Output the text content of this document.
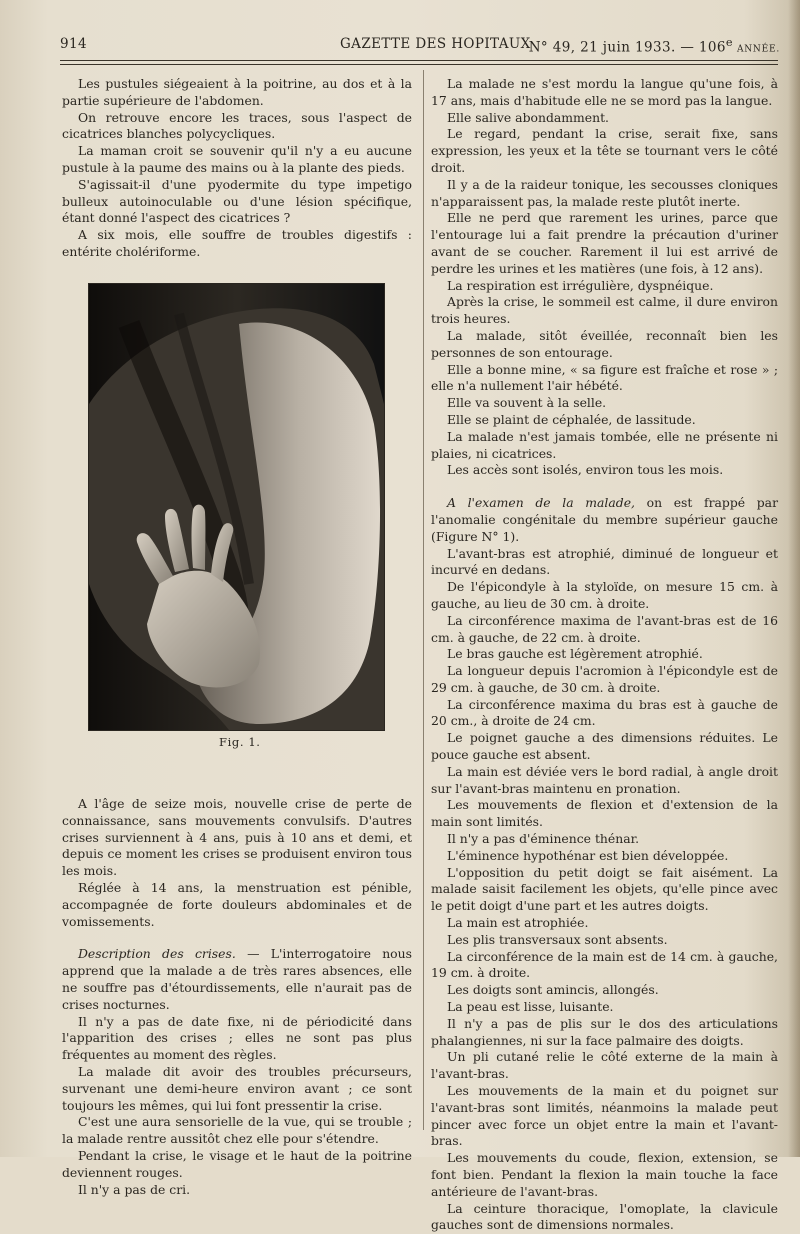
914	GAZETTE DES HOPITAUX
N° 49, 21 juin 1933. — 106e ANNÉE.

Les pustules siégeaient à la poitrine, au dos et à la partie supérieure de l'abdomen.

On retrouve encore les traces, sous l'aspect de cicatrices blanches polycycliques.

La maman croit se souvenir qu'il n'y a eu aucune pustule à la paume des mains ou à la plante des pieds.

S'agissait-il d'une pyodermite du type impetigo bulleux autoinoculable ou d'une lésion spécifique, étant donné l'aspect des cicatrices ?

A six mois, elle souffre de troubles digestifs : entérite cholériforme.

Fig. 1.

A l'âge de seize mois, nouvelle crise de perte de connaissance, sans mouvements convulsifs. D'autres crises surviennent à 4 ans, puis à 10 ans et demi, et depuis ce moment les crises se produisent environ tous les mois.

Réglée à 14 ans, la menstruation est pénible, accompagnée de forte douleurs abdominales et de vomissements.

Description des crises. — L'interrogatoire nous apprend que la malade a de très rares absences, elle ne souffre pas d'étourdissements, elle n'aurait pas de crises nocturnes.

Il n'y a pas de date fixe, ni de périodicité dans l'apparition des crises ; elles ne sont pas plus fréquentes au moment des règles.

La malade dit avoir des troubles précurseurs, survenant une demi-heure environ avant ; ce sont toujours les mêmes, qui lui font pressentir la crise.

C'est une aura sensorielle de la vue, qui se trouble ; la malade rentre aussitôt chez elle pour s'étendre.

Pendant la crise, le visage et le haut de la poitrine deviennent rouges.

Il n'y a pas de cri.

La malade ne s'est mordu la langue qu'une fois, à 17 ans, mais d'habitude elle ne se mord pas la langue.

Elle salive abondamment.

Le regard, pendant la crise, serait fixe, sans expression, les yeux et la tête se tournant vers le côté droit.

Il y a de la raideur tonique, les secousses cloniques n'apparaissent pas, la malade reste plutôt inerte.

Elle ne perd que rarement les urines, parce que l'entourage lui a fait prendre la précaution d'uriner avant de se coucher. Rarement il lui est arrivé de perdre les urines et les matières (une fois, à 12 ans).

La respiration est irrégulière, dyspnéique.

Après la crise, le sommeil est calme, il dure environ trois heures.

La malade, sitôt éveillée, reconnaît bien les personnes de son entourage.

Elle a bonne mine, « sa figure est fraîche et rose » ; elle n'a nullement l'air hébété.

Elle va souvent à la selle.

Elle se plaint de céphalée, de lassitude.

La malade n'est jamais tombée, elle ne présente ni plaies, ni cicatrices.

Les accès sont isolés, environ tous les mois.

A l'examen de la malade, on est frappé par l'anomalie congénitale du membre supérieur gauche (Figure N° 1).

L'avant-bras est atrophié, diminué de longueur et incurvé en dedans.

De l'épicondyle à la styloïde, on mesure 15 cm. à gauche, au lieu de 30 cm. à droite.

La circonférence maxima de l'avant-bras est de 16 cm. à gauche, de 22 cm. à droite.

Le bras gauche est légèrement atrophié.

La longueur depuis l'acromion à l'épicondyle est de 29 cm. à gauche, de 30 cm. à droite.

La circonférence maxima du bras est à gauche de 20 cm., à droite de 24 cm.

Le poignet gauche a des dimensions réduites. Le pouce gauche est absent.

La main est déviée vers le bord radial, à angle droit sur l'avant-bras maintenu en pronation.

Les mouvements de flexion et d'extension de la main sont limités.

Il n'y a pas d'éminence thénar.

L'éminence hypothénar est bien développée.

L'opposition du petit doigt se fait aisément. La malade saisit facilement les objets, qu'elle pince avec le petit doigt d'une part et les autres doigts.

La main est atrophiée.

Les plis transversaux sont absents.

La circonférence de la main est de 14 cm. à gauche, 19 cm. à droite.

Les doigts sont amincis, allongés.

La peau est lisse, luisante.

Il n'y a pas de plis sur le dos des articulations phalangiennes, ni sur la face palmaire des doigts.

Un pli cutané relie le côté externe de la main à l'avant-bras.

Les mouvements de la main et du poignet sur l'avant-bras sont limités, néanmoins la malade peut pincer avec force un objet entre la main et l'avant-bras.

Les mouvements du coude, flexion, extension, se font bien. Pendant la flexion la main touche la face antérieure de l'avant-bras.

La ceinture thoracique, l'omoplate, la clavicule gauches sont de dimensions normales.
